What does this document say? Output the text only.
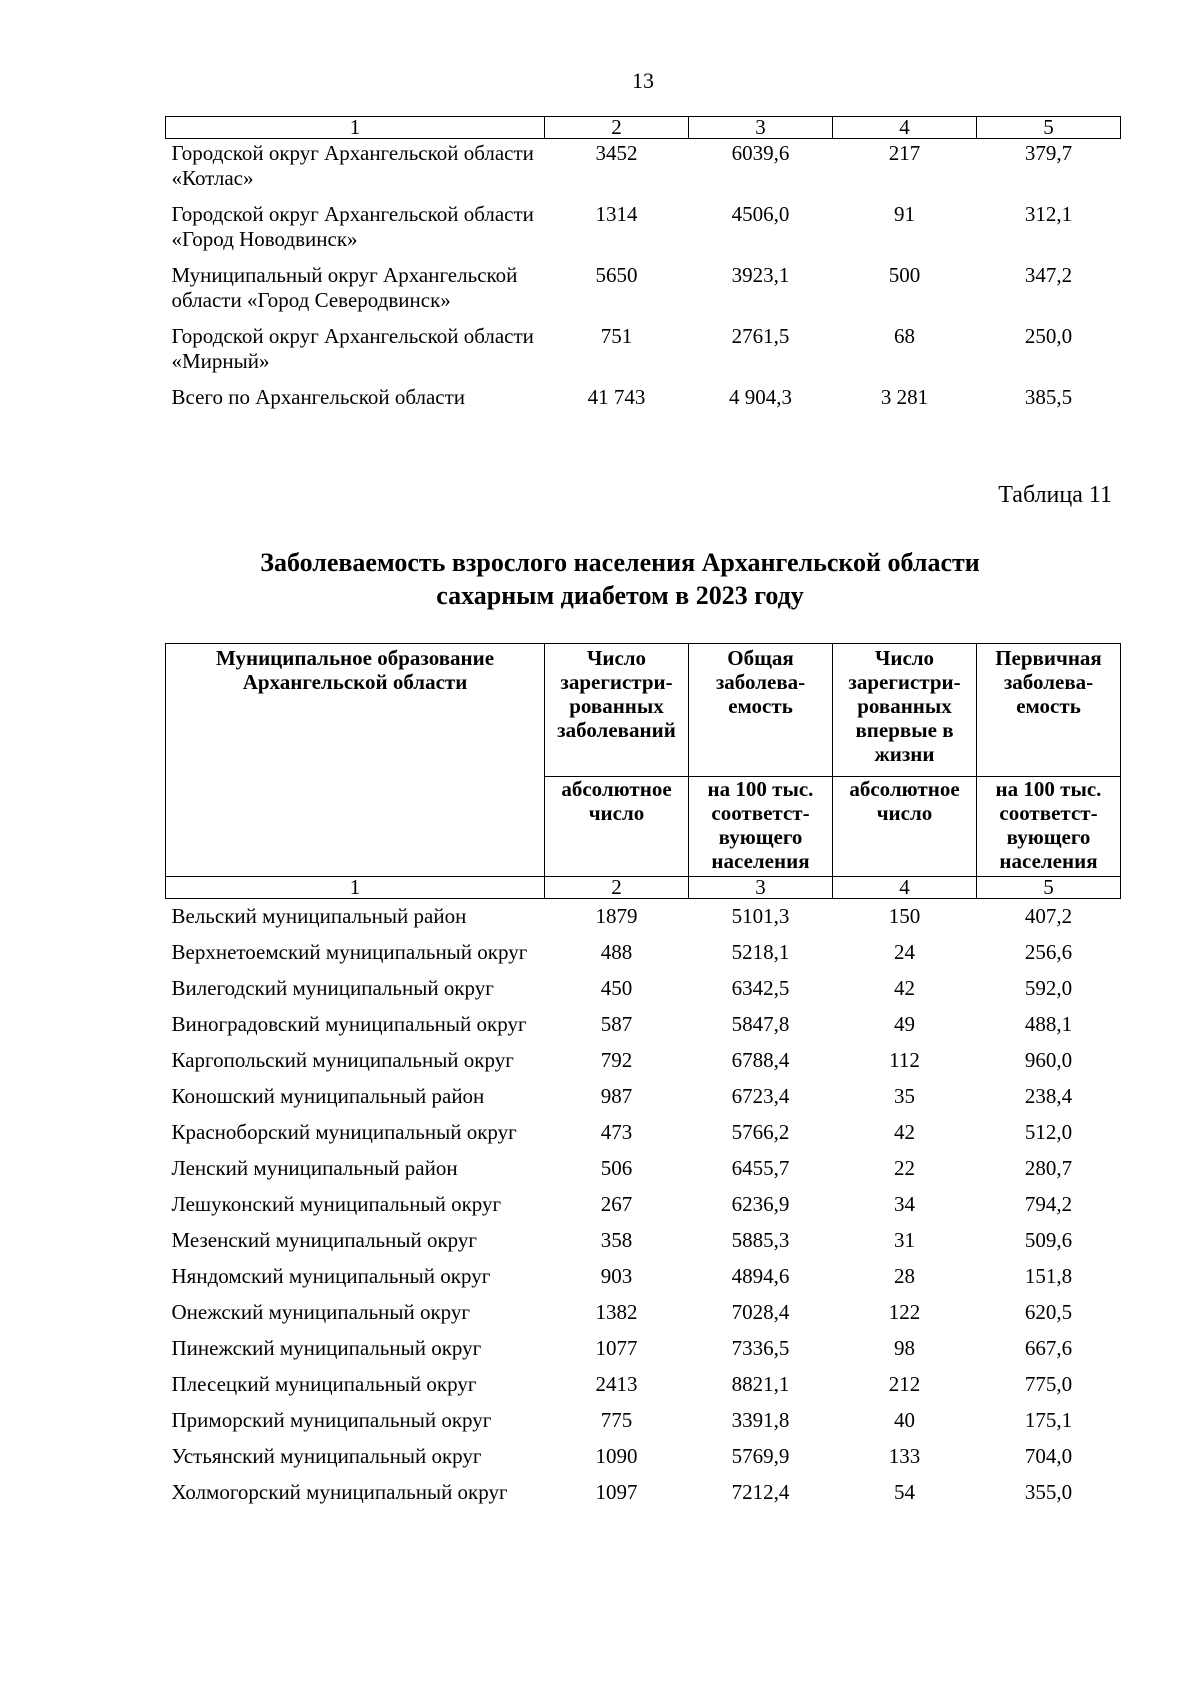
13
1	2	3	4	5
Городской округ Архангельской области «Котлас»	3452	6039,6	217	379,7
Городской округ Архангельской области «Город Новодвинск»	1314	4506,0	91	312,1
Муниципальный округ Архангельской области «Город Северодвинск»	5650	3923,1	500	347,2
Городской округ Архангельской области «Мирный»	751	2761,5	68	250,0
Всего по Архангельской области	41 743	4 904,3	3 281	385,5
Таблица 11
Заболеваемость взрослого населения Архангельской области
сахарным диабетом в 2023 году
Муниципальное образование Архангельской области	Число зарегистри-рованных заболеваний	Общая заболева-емость	Число зарегистри-рованных впервые в жизни	Первичная заболева-емость
	абсолютное число	на 100 тыс. соответст-вующего населения	абсолютное число	на 100 тыс. соответст-вующего населения
1	2	3	4	5
Вельский муниципальный район	1879	5101,3	150	407,2
Верхнетоемский муниципальный округ	488	5218,1	24	256,6
Вилегодский муниципальный округ	450	6342,5	42	592,0
Виноградовский муниципальный округ	587	5847,8	49	488,1
Каргопольский муниципальный округ	792	6788,4	112	960,0
Коношский муниципальный район	987	6723,4	35	238,4
Красноборский муниципальный округ	473	5766,2	42	512,0
Ленский муниципальный район	506	6455,7	22	280,7
Лешуконский муниципальный округ	267	6236,9	34	794,2
Мезенский муниципальный округ	358	5885,3	31	509,6
Няндомский муниципальный округ	903	4894,6	28	151,8
Онежский муниципальный округ	1382	7028,4	122	620,5
Пинежский муниципальный округ	1077	7336,5	98	667,6
Плесецкий муниципальный округ	2413	8821,1	212	775,0
Приморский муниципальный округ	775	3391,8	40	175,1
Устьянский муниципальный округ	1090	5769,9	133	704,0
Холмогорский муниципальный округ	1097	7212,4	54	355,0
